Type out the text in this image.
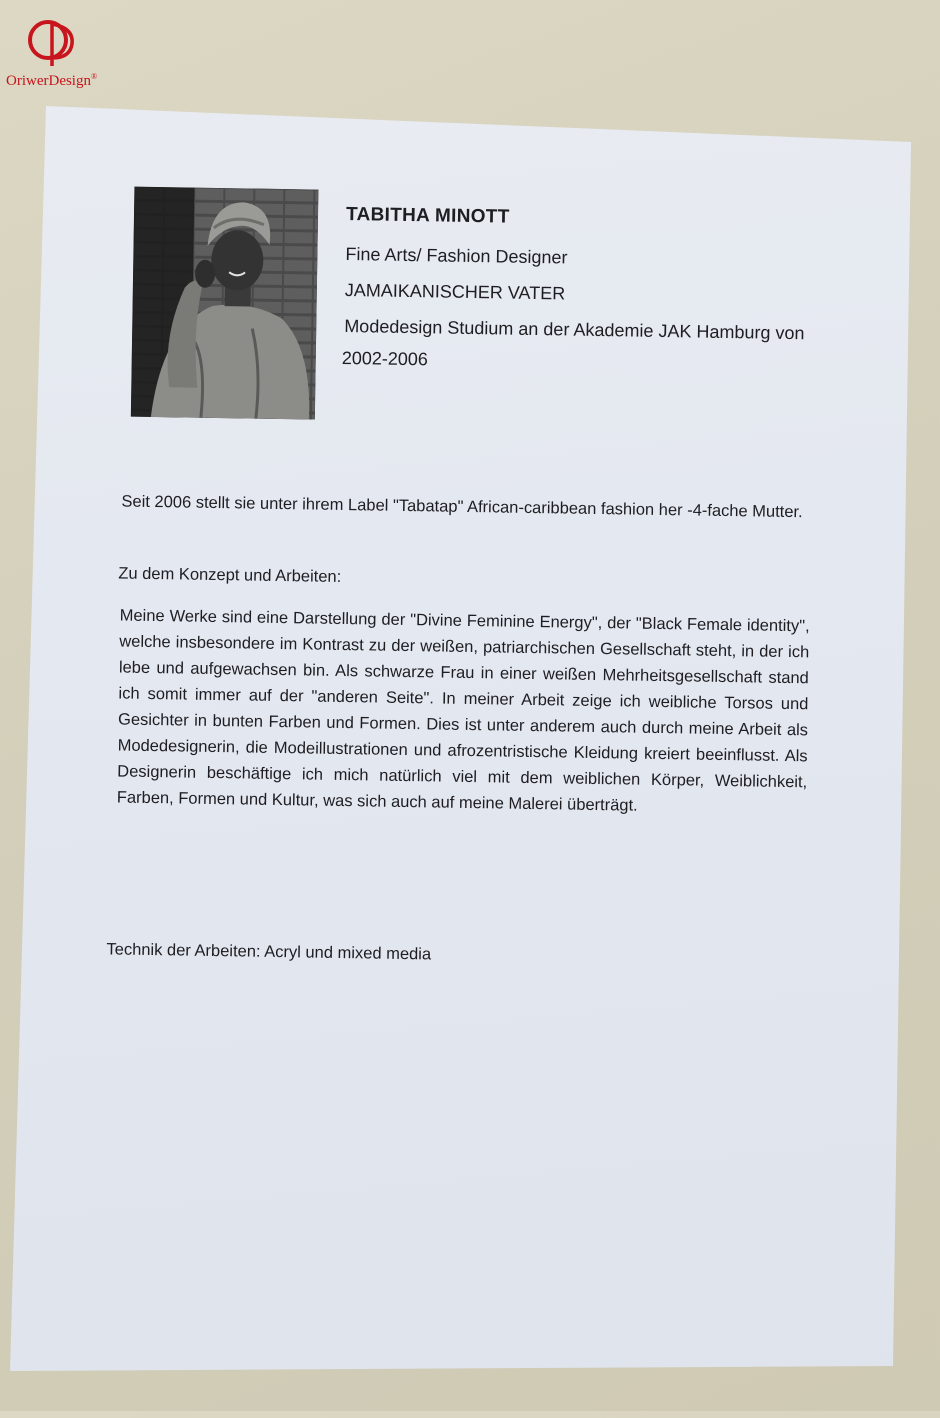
OriwerDesign®
TABITHA MINOTT
Fine Arts/ Fashion Designer
JAMAIKANISCHER VATER
Modedesign Studium an der Akademie JAK Hamburg von
2002-2006
Seit 2006 stellt sie unter ihrem Label "Tabatap" African-caribbean fashion her -4-fache Mutter.
Zu dem Konzept und Arbeiten:
Meine Werke sind eine Darstellung der "Divine Feminine Energy", der "Black Female identity", welche insbesondere im Kontrast zu der weißen, patriarchischen Gesellschaft steht, in der ich lebe und aufgewachsen bin. Als schwarze Frau in einer weißen Mehrheitsgesellschaft stand ich somit immer auf der "anderen Seite". In meiner Arbeit zeige ich weibliche Torsos und Gesichter in bunten Farben und Formen. Dies ist unter anderem auch durch meine Arbeit als Modedesignerin, die Modeillustrationen und afrozentristische Kleidung kreiert beeinflusst. Als Designerin beschäftige ich mich natürlich viel mit dem weiblichen Körper, Weiblichkeit, Farben, Formen und Kultur, was sich auch auf meine Malerei überträgt.
Technik der Arbeiten: Acryl und mixed media
